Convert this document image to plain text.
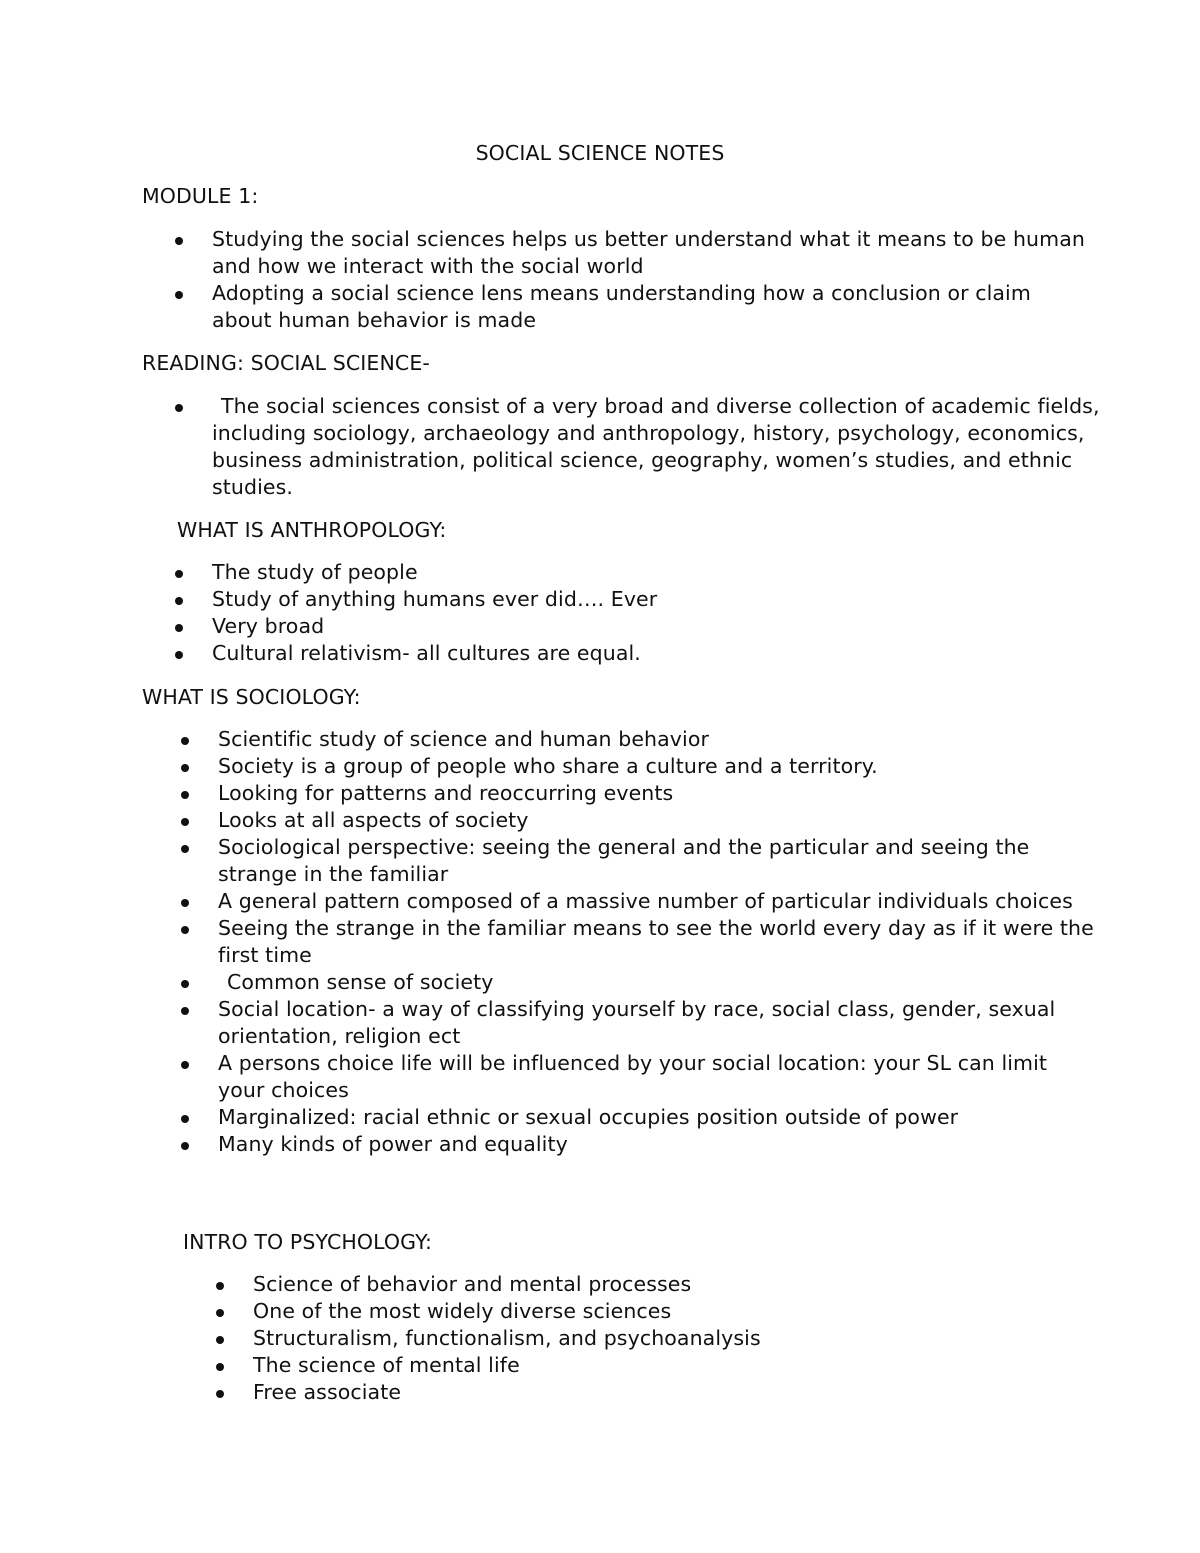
SOCIAL SCIENCE NOTES
MODULE 1:
Studying the social sciences helps us better understand what it means to be human and how we interact with the social world
Adopting a social science lens means understanding how a conclusion or claim about human behavior is made
READING: SOCIAL SCIENCE-
The social sciences consist of a very broad and diverse collection of academic fields, including sociology, archaeology and anthropology, history, psychology, economics, business administration, political science, geography, women’s studies, and ethnic studies.
WHAT IS ANTHROPOLOGY:
The study of people
Study of anything humans ever did…. Ever
Very broad
Cultural relativism- all cultures are equal.
WHAT IS SOCIOLOGY:
Scientific study of science and human behavior
Society is a group of people who share a culture and a territory.
Looking for patterns and reoccurring events
Looks at all aspects of society
Sociological perspective: seeing the general and the particular and seeing the strange in the familiar
A general pattern composed of a massive number of particular individuals choices
Seeing the strange in the familiar means to see the world every day as if it were the first time
Common sense of society
Social location- a way of classifying yourself by race, social class, gender, sexual orientation, religion ect
A persons choice life will be influenced by your social location: your SL can limit your choices
Marginalized: racial ethnic or sexual occupies position outside of power
Many kinds of power and equality
INTRO TO PSYCHOLOGY:
Science of behavior and mental processes
One of the most widely diverse sciences
Structuralism, functionalism, and psychoanalysis
The science of mental life
Free associate
